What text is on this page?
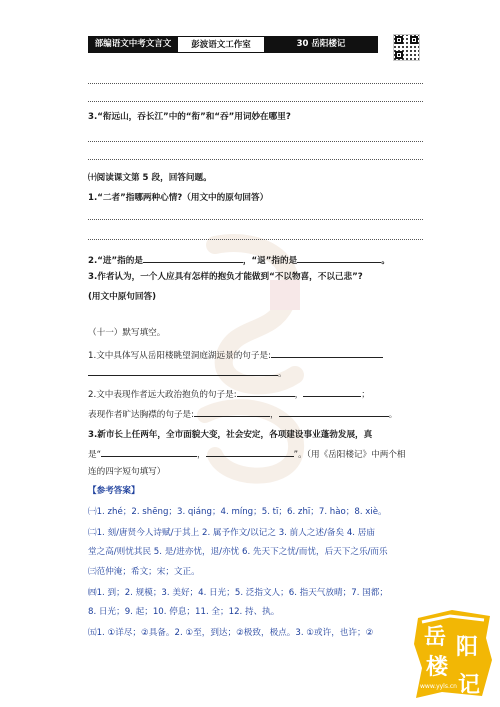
部编语文中考文言文	彭波语文工作室	30 岳阳楼记
3.“衔远山，吞长江”中的“衔”和“吞”用词妙在哪里?
㈩阅读课文第 5 段，回答问题。
1.“二者”指哪两种心情?（用文中的原句回答）
2.“进”指的是	，“退”指的是	。
3.作者认为，一个人应具有怎样的抱负才能做到“不以物喜，不以己悲”?
(用文中原句回答)
（十一）默写填空。
1.文中具体写从岳阳楼眺望洞庭湖远景的句子是:
。
2.文中表现作者远大政治抱负的句子是:	，	；
表现作者旷达胸襟的句子是:	，	。
3.新市长上任两年，全市面貌大变，社会安定，各项建设事业蓬勃发展，真
是“	，	”。（用《岳阳楼记》中两个相
连的四字短句填写）
【参考答案】
㈠1. zhé；2. shēng；3. qiáng；4. míng；5. tī；6. zhī；7. hào；8. xiè。
㈡1. 刻/唐贤今人诗赋/于其上 2. 属予作文/以记之 3. 前人之述/备矣 4. 居庙
堂之高/则忧其民 5. 是/进亦忧，退/亦忧 6. 先天下之忧/而忧，后天下之乐/而乐
㈢范仲淹；希文；宋；文正。
㈣1. 到；2. 规模；3. 美好；4. 日光；5. 泛指文人；6. 指天气放晴；7. 国都；
8. 日光；9. 起；10. 停息；11. 全；12. 持、执。
㈤1. ①详尽；②具备。2. ①至，到达；②极致，极点。3. ①或许，也许；② 岳 阳
楼
记
www.yyls.cn
